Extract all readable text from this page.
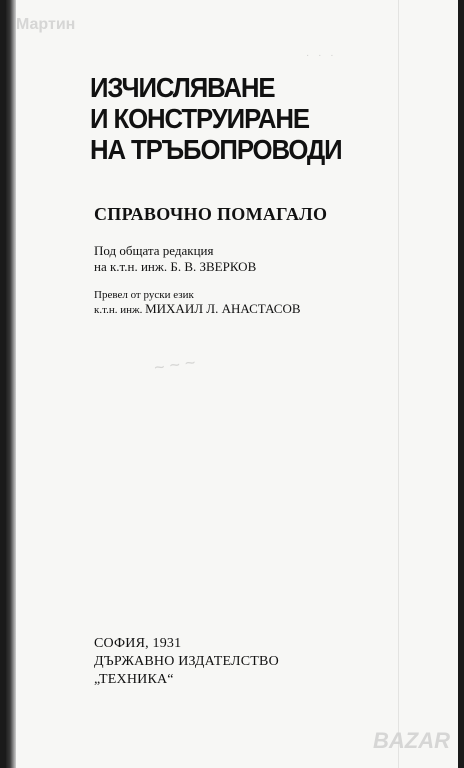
Мартин
· · ·
ИЗЧИСЛЯВАНЕ
И КОНСТРУИРАНЕ
НА ТРЪБОПРОВОДИ
СПРАВОЧНО ПОМАГАЛО
Под общата редакция
на к.т.н. инж. Б. В. ЗВЕРКОВ
Превел от руски език
к.т.н. инж. МИХАИЛ Л. АНАСТАСОВ
~ ~ ~
СОФИЯ, 1931
ДЪРЖАВНО ИЗДАТЕЛСТВО
„ТЕХНИКА“
BAZAR
